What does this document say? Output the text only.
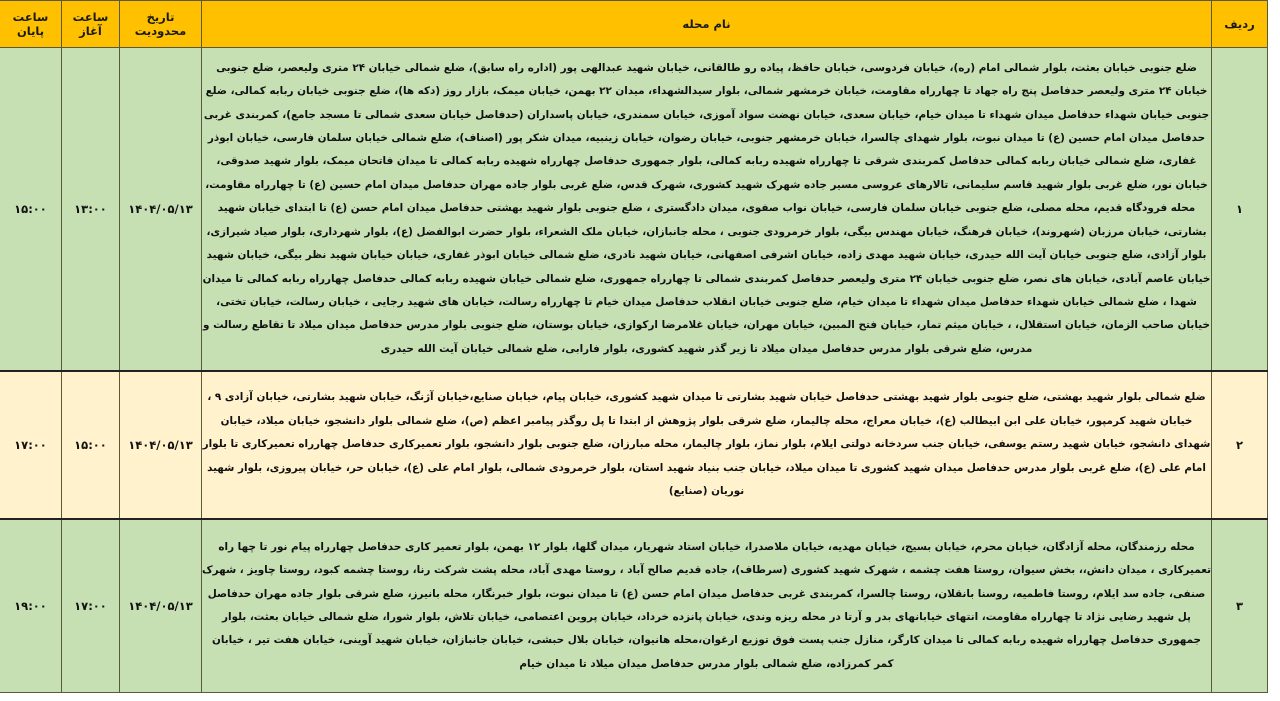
ردیف	نام محله	تاریخ محدودیت	ساعت آغاز	ساعت پایان
۱	ضلع جنوبی خیابان بعثت، بلوار شمالی امام (ره)، خیابان فردوسی، خیابان حافظ، پیاده رو طالقانی، خیابان شهید عبدالهی پور (اداره راه سابق)، ضلع شمالی خیابان ۲۴ متری ولیعصر، ضلع جنوبی خیابان ۲۴ متری ولیعصر حدفاصل پنج راه جهاد تا چهارراه مقاومت، خیابان خرمشهر شمالی، بلوار سیدالشهداء، میدان ۲۲ بهمن، خیابان میمک، بازار روز (دکه ها)، ضلع جنوبی خیابان ربابه کمالی، ضلع جنوبی خیابان شهداء حدفاصل میدان شهداء تا میدان خیام، خیابان سعدی، خیابان نهضت سواد آموزی، خیابان سمندری، خیابان پاسداران (حدفاصل خیابان سعدی شمالی تا مسجد جامع)، کمربندی غربی حدفاصل میدان امام حسین (ع) تا میدان نبوت، بلوار شهدای چالسرا، خیابان خرمشهر جنوبی، خیابان رضوان، خیابان زینبیه، میدان شکر پور (اصناف)، ضلع شمالی خیابان سلمان فارسی، خیابان ابوذر غفاری، ضلع شمالی خیابان ربابه کمالی حدفاصل کمربندی شرقی تا چهارراه شهیده ربابه کمالی، بلوار جمهوری حدفاصل چهارراه شهیده ربابه کمالی تا میدان فاتحان میمک، بلوار شهید صدوقی، خیابان نور، ضلع غربی بلوار شهید قاسم سلیمانی، تالارهای عروسی مسیر جاده شهرک شهید کشوری، شهرک قدس، ضلع غربی بلوار جاده مهران حدفاصل میدان امام حسین (ع) تا چهارراه مقاومت، محله فرودگاه قدیم، محله مصلی، ضلع جنوبی خیابان سلمان فارسی، خیابان نواب صفوی، میدان دادگستری ، ضلع جنوبی بلوار شهید بهشتی حدفاصل میدان امام حسن (ع) تا ابتدای خیابان شهید بشارتی، خیابان مرزبان (شهروند)، خیابان فرهنگ، خیابان مهندس بیگی، بلوار خرمرودی جنوبی ، محله جانبازان، خیابان ملک الشعراء، بلوار حضرت ابوالفضل (ع)، بلوار شهرداری، بلوار صیاد شیرازی، بلوار آزادی، ضلع جنوبی خیابان آیت الله حیدری، خیابان شهید مهدی زاده، خیابان اشرفی اصفهانی، خیابان شهید نادری، ضلع شمالی خیابان ابوذر غفاری، خیابان خیابان شهید نظر بیگی، خیابان شهید خیابان عاصم آبادی، خیابان های نصر، ضلع جنوبی خیابان ۲۴ متری ولیعصر حدفاصل کمربندی شمالی تا چهارراه جمهوری، ضلع شمالی خیابان شهیده ربابه کمالی حدفاصل چهارراه ربابه کمالی تا میدان شهدا ، ضلع شمالی خیابان شهداء حدفاصل میدان شهداء تا میدان خیام، ضلع جنوبی خیابان انقلاب حدفاصل میدان خیام تا چهارراه رسالت، خیابان های شهید رجایی ، خیابان رسالت، خیابان تختی، خیابان صاحب الزمان، خیابان استقلال، ، خیابان میثم تمار، خیابان فتح المبین، خیابان مهران، خیابان غلامرضا ارکوازی، خیابان بوستان، ضلع جنوبی بلوار مدرس حدفاصل میدان میلاد تا تقاطع رسالت و مدرس، ضلع شرقی بلوار مدرس حدفاصل میدان میلاد تا زیر گذر شهید کشوری، بلوار فارابی، ضلع شمالی خیابان آیت الله حیدری	۱۴۰۴/۰۵/۱۳	۱۳:۰۰	۱۵:۰۰
۲	ضلع شمالی بلوار شهید بهشتی، ضلع جنوبی بلوار شهید بهشتی حدفاصل خیابان شهید بشارتی تا میدان شهید کشوری، خیابان پیام، خیابان صنایع،خیابان آژنگ، خیابان شهید بشارتی، خیابان آزادی ۹ ، خیابان شهید کرمپور، خیابان علی ابن ابیطالب (ع)، خیابان معراج، محله چالیمار، ضلع شرقی بلوار پژوهش از ابتدا تا پل روگذر پیامبر اعظم (ص)، ضلع شمالی بلوار دانشجو، خیابان میلاد، خیابان شهدای دانشجو، خیابان شهید رستم یوسفی، خیابان جنب سردخانه دولتی ایلام، بلوار نماز، بلوار چالیمار، محله مبارزان، ضلع جنوبی بلوار دانشجو، بلوار تعمیرکاری حدفاصل چهارراه تعمیرکاری تا بلوار امام علی (ع)، ضلع غربی بلوار مدرس حدفاصل میدان شهید کشوری تا میدان میلاد، خیابان جنب بنیاد شهید استان، بلوار خرمرودی شمالی، بلوار امام علی (ع)، خیابان حر، خیابان پیروزی، بلوار شهید نوریان (صنایع)	۱۴۰۴/۰۵/۱۳	۱۵:۰۰	۱۷:۰۰
۳	محله رزمندگان، محله آزادگان، خیابان محرم، خیابان بسیج، خیابان مهدیه، خیابان ملاصدرا، خیابان استاد شهریار، میدان گلها، بلوار ۱۲ بهمن، بلوار تعمیر کاری حدفاصل چهارراه پیام نور تا چها راه تعمیرکاری ، میدان دانش،، بخش سیوان، روستا هفت چشمه ، شهرک شهید کشوری (سرطاف)، جاده قدیم صالح آباد ، روستا مهدی آباد، محله پشت شرکت رنا، روستا چشمه کبود، روستا چاویز ، شهرک صنفی، جاده سد ایلام، روستا فاطمیه، روسنا بانقلان، روستا چالسرا، کمربندی غربی حدفاصل میدان امام حسن (ع) تا میدان نبوت، بلوار خبرنگار، محله بانیرز، ضلع شرقی بلوار جاده مهران حدفاصل پل شهید رضایی نژاد تا چهارراه مقاومت، انتهای خیابانهای بدر و آرتا در محله ریزه وندی، خیابان پانزده خرداد، خیابان پروین اعتصامی، خیابان تلاش، بلوار شورا، ضلع شمالی خیابان بعثت، بلوار جمهوری حدفاصل چهارراه شهیده ربابه کمالی تا میدان کارگر، منازل جنب پست فوق توزیع ارغوان،محله هانیوان، خیابان بلال حبشی، خیابان جانبازان، خیابان شهید آوینی، خیابان هفت تیر ، خیابان کمر کمرزاده، ضلع شمالی بلوار مدرس حدفاصل میدان میلاد تا میدان خیام	۱۴۰۴/۰۵/۱۳	۱۷:۰۰	۱۹:۰۰
